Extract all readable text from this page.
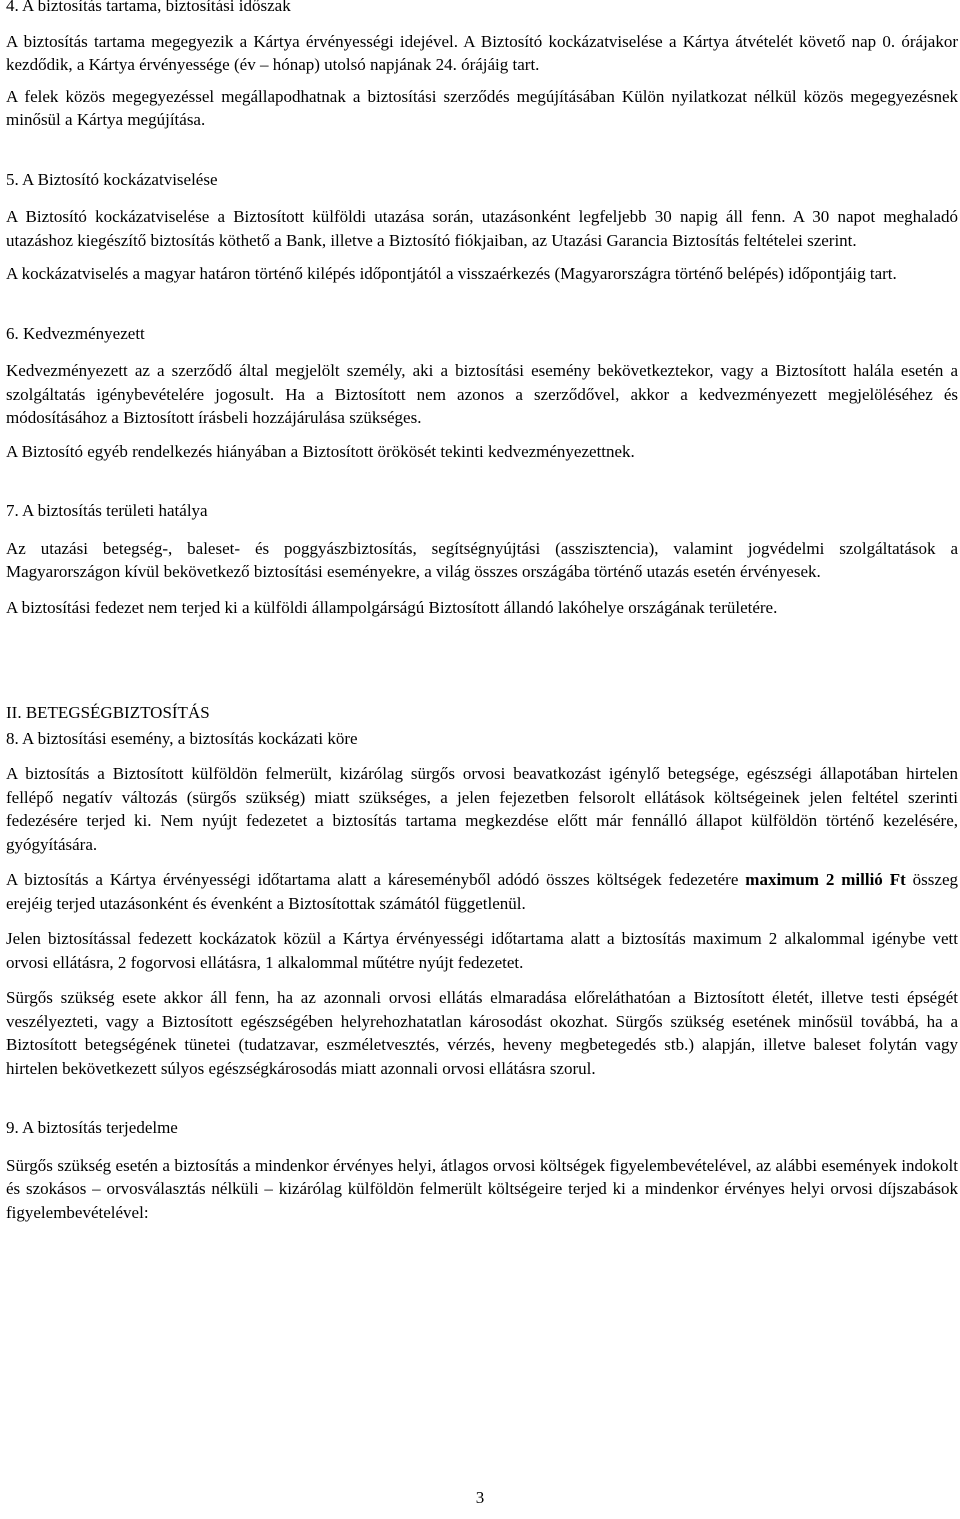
4. A biztosítás tartama, biztosítási időszak

A biztosítás tartama megegyezik a Kártya érvényességi idejével. A Biztosító kockázatviselése a Kártya átvételét követő nap 0. órájakor kezdődik, a Kártya érvényessége (év – hónap) utolsó napjának 24. órájáig tart.

A felek közös megegyezéssel megállapodhatnak a biztosítási szerződés megújításában Külön nyilatkozat nélkül közös megegyezésnek minősül a Kártya megújítása.

5. A Biztosító kockázatviselése

A Biztosító kockázatviselése a Biztosított külföldi utazása során, utazásonként legfeljebb 30 napig áll fenn. A 30 napot meghaladó utazáshoz kiegészítő biztosítás köthető a Bank, illetve a Biztosító fiókjaiban, az Utazási Garancia Biztosítás feltételei szerint.

A kockázatviselés a magyar határon történő kilépés időpontjától a visszaérkezés (Magyarországra történő belépés) időpontjáig tart.

6. Kedvezményezett

Kedvezményezett az a szerződő által megjelölt személy, aki a biztosítási esemény bekövetkeztekor, vagy a Biztosított halála esetén a szolgáltatás igénybevételére jogosult. Ha a Biztosított nem azonos a szerződővel, akkor a kedvezményezett megjelöléséhez és módosításához a Biztosított írásbeli hozzájárulása szükséges.

A Biztosító egyéb rendelkezés hiányában a Biztosított örökösét tekinti kedvezményezettnek.

7. A biztosítás területi hatálya

Az utazási betegség-, baleset- és poggyászbiztosítás, segítségnyújtási (asszisztencia), valamint jogvédelmi szolgáltatások a Magyarországon kívül bekövetkező biztosítási eseményekre, a világ összes országába történő utazás esetén érvényesek.

A biztosítási fedezet nem terjed ki a külföldi állampolgárságú Biztosított állandó lakóhelye országának területére.

II. BETEGSÉGBIZTOSÍTÁS

8. A biztosítási esemény, a biztosítás kockázati köre

A biztosítás a Biztosított külföldön felmerült, kizárólag sürgős orvosi beavatkozást igénylő betegsége, egészségi állapotában hirtelen fellépő negatív változás (sürgős szükség) miatt szükséges, a jelen fejezetben felsorolt ellátások költségeinek jelen feltétel szerinti fedezésére terjed ki. Nem nyújt fedezetet a biztosítás tartama megkezdése előtt már fennálló állapot külföldön történő kezelésére, gyógyítására.

A biztosítás a Kártya érvényességi időtartama alatt a káreseményből adódó összes költségek fedezetére maximum 2 millió Ft összeg erejéig terjed utazásonként és évenként a Biztosítottak számától függetlenül.

Jelen biztosítással fedezett kockázatok közül a Kártya érvényességi időtartama alatt a biztosítás maximum 2 alkalommal igénybe vett orvosi ellátásra, 2 fogorvosi ellátásra, 1 alkalommal műtétre nyújt fedezetet.

Sürgős szükség esete akkor áll fenn, ha az azonnali orvosi ellátás elmaradása előreláthatóan a Biztosított életét, illetve testi épségét veszélyezteti, vagy a Biztosított egészségében helyrehozhatatlan károsodást okozhat. Sürgős szükség esetének minősül továbbá, ha a Biztosított betegségének tünetei (tudatzavar, eszméletvesztés, vérzés, heveny megbetegedés stb.) alapján, illetve baleset folytán vagy hirtelen bekövetkezett súlyos egészségkárosodás miatt azonnali orvosi ellátásra szorul.

9. A biztosítás terjedelme

Sürgős szükség esetén a biztosítás a mindenkor érvényes helyi, átlagos orvosi költségek figyelembevételével, az alábbi események indokolt és szokásos – orvosválasztás nélküli – kizárólag külföldön felmerült költségeire terjed ki a mindenkor érvényes helyi orvosi díjszabások figyelembevételével:

3
